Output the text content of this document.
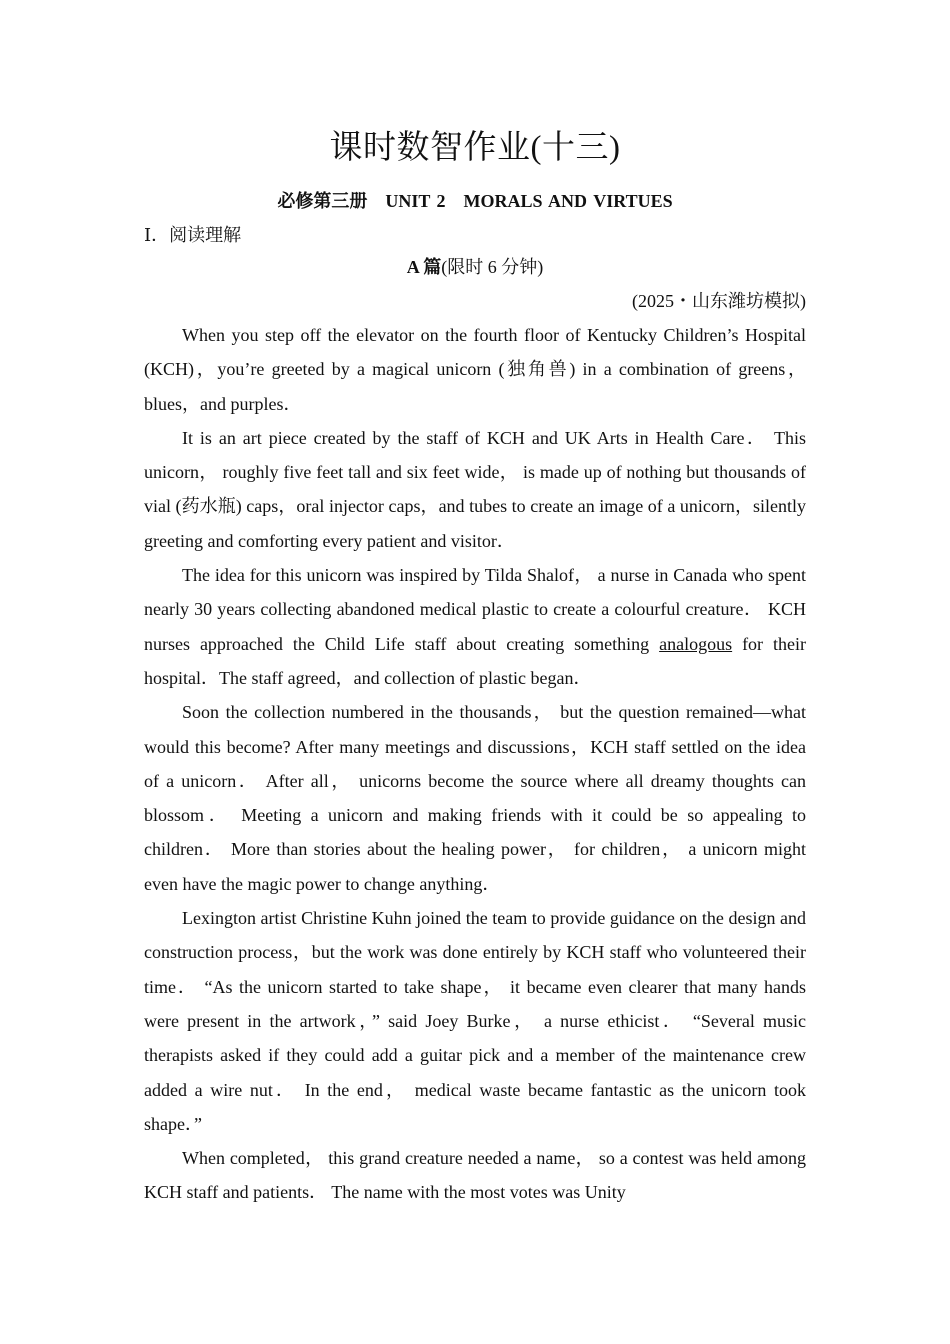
课时数智作业(十三)
必修第三册 UNIT 2 MORALS AND VIRTUES
Ⅰ．阅读理解
A 篇(限时 6 分钟)
(2025・山东潍坊模拟)

When you step off the elevator on the fourth floor of Kentucky Children’s Hospital (KCH)，you’re greeted by a magical unicorn (独角兽) in a combination of greens，blues，and purples．

It is an art piece created by the staff of KCH and UK Arts in Health Care． This unicorn， roughly five feet tall and six feet wide， is made up of nothing but thousands of vial (药水瓶) caps，oral injector caps，and tubes to create an image of a unicorn，silently greeting and comforting every patient and visitor．

The idea for this unicorn was inspired by Tilda Shalof， a nurse in Canada who spent nearly 30 years collecting abandoned medical plastic to create a colourful creature． KCH nurses approached the Child Life staff about creating something analogous for their hospital．The staff agreed，and collection of plastic began．

Soon the collection numbered in the thousands， but the question remained—what would this become? After many meetings and discussions，KCH staff settled on the idea of a unicorn． After all， unicorns become the source where all dreamy thoughts can blossom． Meeting a unicorn and making friends with it could be so appealing to children． More than stories about the healing power， for children， a unicorn might even have the magic power to change anything．

Lexington artist Christine Kuhn joined the team to provide guidance on the design and construction process，but the work was done entirely by KCH staff who volunteered their time． “As the unicorn started to take shape， it became even clearer that many hands were present in the artwork，” said Joey Burke， a nurse ethicist． “Several music therapists asked if they could add a guitar pick and a member of the maintenance crew added a wire nut． In the end， medical waste became fantastic as the unicorn took shape．”

When completed， this grand creature needed a name， so a contest was held among KCH staff and patients． The name with the most votes was Unity
